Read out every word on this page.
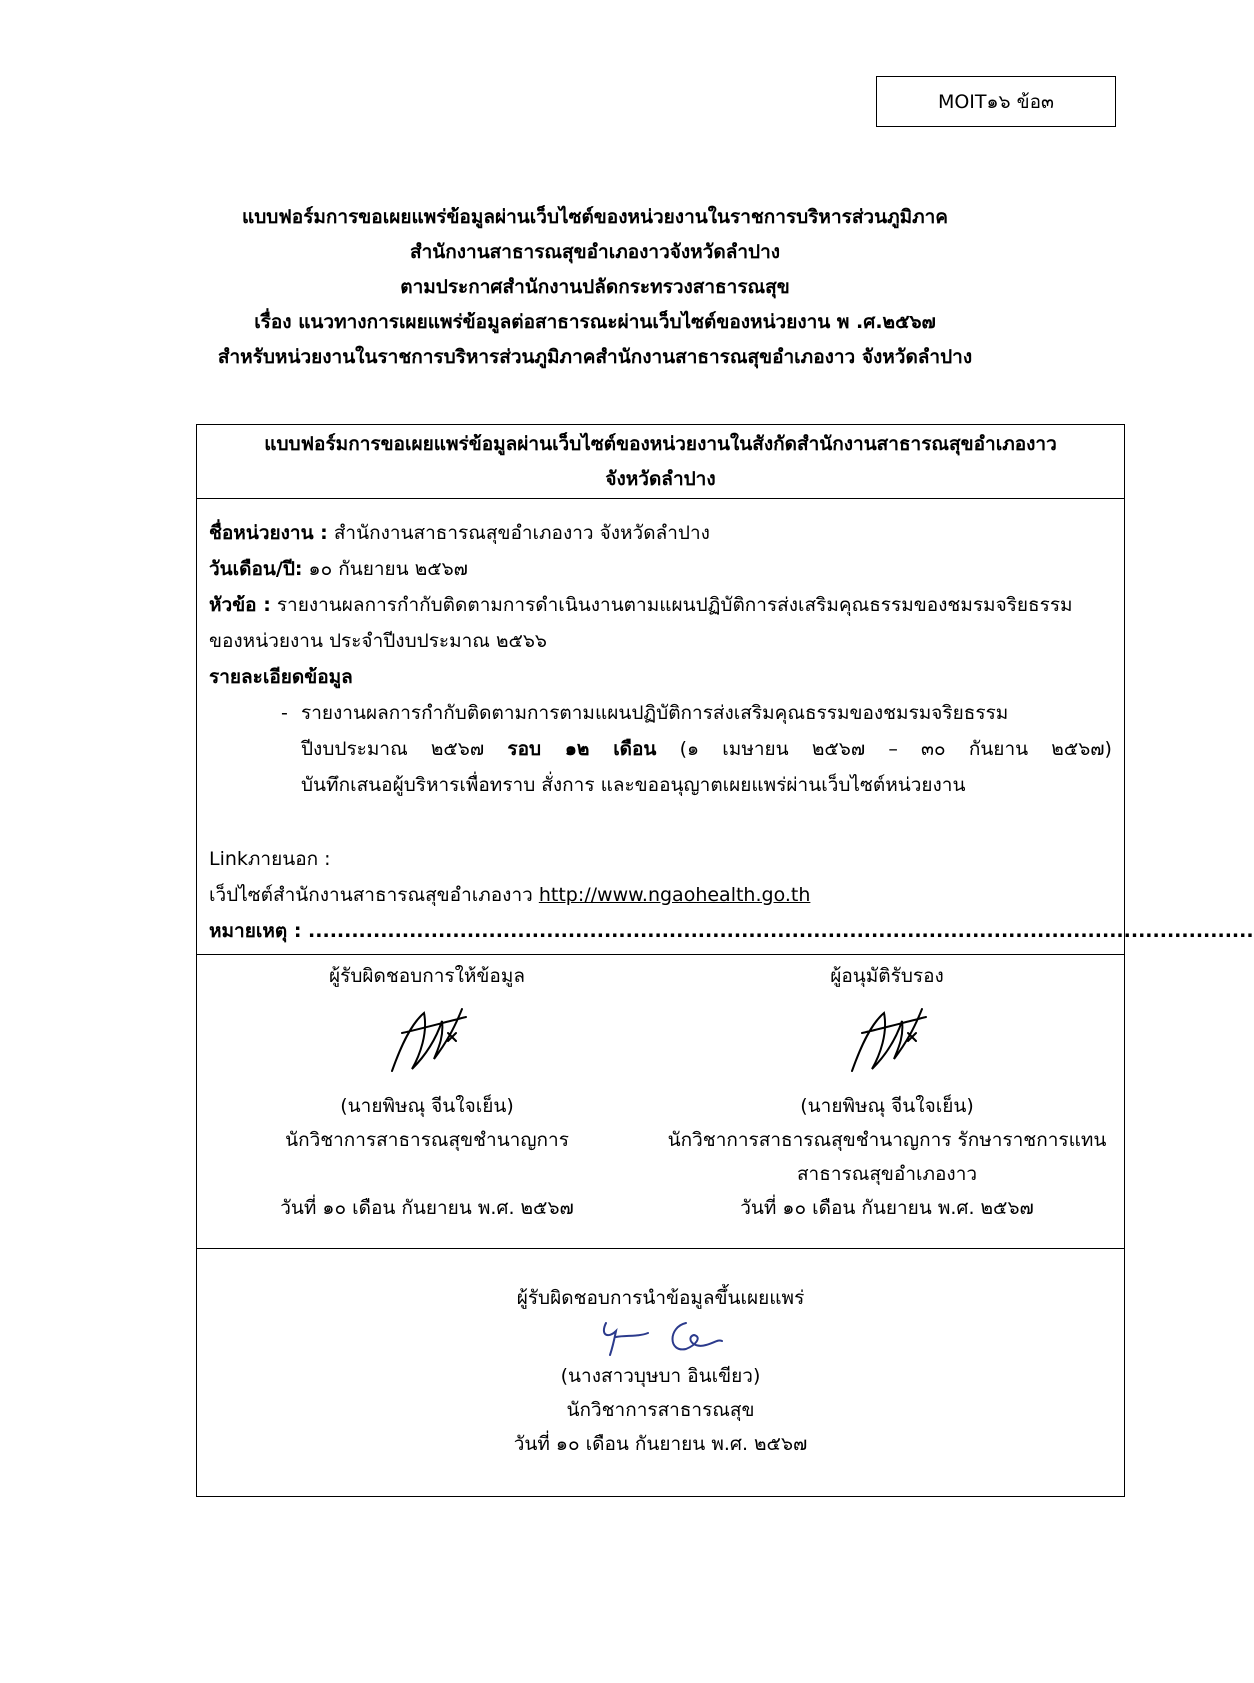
MOIT๑๖ ข้อ๓
แบบฟอร์มการขอเผยแพร่ข้อมูลผ่านเว็บไซต์ของหน่วยงานในราชการบริหารส่วนภูมิภาค
สำนักงานสาธารณสุขอำเภองาวจังหวัดลำปาง
ตามประกาศสำนักงานปลัดกระทรวงสาธารณสุข
เรื่อง แนวทางการเผยแพร่ข้อมูลต่อสาธารณะผ่านเว็บไซต์ของหน่วยงาน พ .ศ.๒๕๖๗
สำหรับหน่วยงานในราชการบริหารส่วนภูมิภาคสำนักงานสาธารณสุขอำเภองาว จังหวัดลำปาง
แบบฟอร์มการขอเผยแพร่ข้อมูลผ่านเว็บไซต์ของหน่วยงานในสังกัดสำนักงานสาธารณสุขอำเภองาว
จังหวัดลำปาง
ชื่อหน่วยงาน : สำนักงานสาธารณสุขอำเภองาว จังหวัดลำปาง
วันเดือน/ปี: ๑๐ กันยายน ๒๕๖๗
หัวข้อ : รายงานผลการกำกับติดตามการดำเนินงานตามแผนปฏิบัติการส่งเสริมคุณธรรมของชมรมจริยธรรม
ของหน่วยงาน ประจำปีงบประมาณ ๒๕๖๖
รายละเอียดข้อมูล
- รายงานผลการกำกับติดตามการตามแผนปฏิบัติการส่งเสริมคุณธรรมของชมรมจริยธรรม
ปีงบประมาณ ๒๕๖๗ รอบ ๑๒ เดือน (๑ เมษายน ๒๕๖๗ – ๓๐ กันยาน ๒๕๖๗)
บันทึกเสนอผู้บริหารเพื่อทราบ สั่งการ และขออนุญาตเผยแพร่ผ่านเว็บไซต์หน่วยงาน
Linkภายนอก :
เว็ปไซต์สำนักงานสาธารณสุขอำเภองาว http://www.ngaohealth.go.th
หมายเหตุ : ...................................................................................................................................
ผู้รับผิดชอบการให้ข้อมูล
(นายพิษณุ จีนใจเย็น)
นักวิชาการสาธารณสุขชำนาญการ
วันที่ ๑๐ เดือน กันยายน พ.ศ. ๒๕๖๗
ผู้อนุมัติรับรอง
(นายพิษณุ จีนใจเย็น)
นักวิชาการสาธารณสุขชำนาญการ รักษาราชการแทน
สาธารณสุขอำเภองาว
วันที่ ๑๐ เดือน กันยายน พ.ศ. ๒๕๖๗
ผู้รับผิดชอบการนำข้อมูลขึ้นเผยแพร่
(นางสาวบุษบา อินเขียว)
นักวิชาการสาธารณสุข
วันที่ ๑๐ เดือน กันยายน พ.ศ. ๒๕๖๗
